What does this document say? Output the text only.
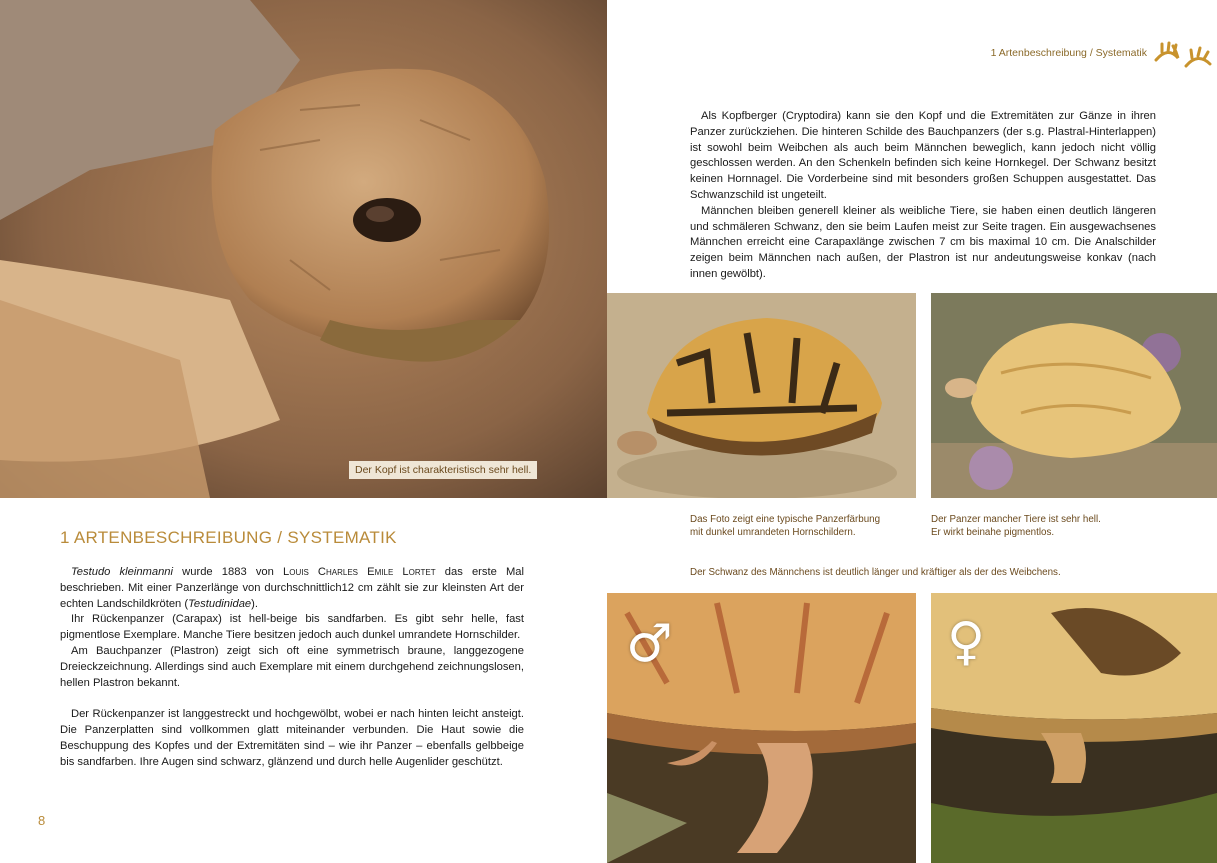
Der Kopf ist charakteristisch sehr hell.
1 ARTENBESCHREIBUNG / SYSTEMATIK

Testudo kleinmanni wurde 1883 von Louis Charles Emile Lortet das erste Mal beschrieben. Mit einer Panzerlänge von durchschnittlich12 cm zählt sie zur kleinsten Art der echten Landschildkröten (Testudinidae).

Ihr Rückenpanzer (Carapax) ist hell-beige bis sandfarben. Es gibt sehr helle, fast pigmentlose Exemplare. Manche Tiere besitzen jedoch auch dunkel umrandete Hornschilder.

Am Bauchpanzer (Plastron) zeigt sich oft eine symmetrisch braune, langgezogene Dreieckzeichnung. Allerdings sind auch Exemplare mit einem durchgehend zeichnungslosen, hellen Plastron bekannt.

Der Rückenpanzer ist langgestreckt und hochgewölbt, wobei er nach hinten leicht ansteigt. Die Panzerplatten sind vollkommen glatt miteinander verbunden. Die Haut sowie die Beschuppung des Kopfes und der Extremitäten sind – wie ihr Panzer – ebenfalls gelbbeige bis sandfarben. Ihre Augen sind schwarz, glänzend und durch helle Augenlider geschützt.

8
1 Artenbeschreibung / Systematik

Als Kopfberger (Cryptodira) kann sie den Kopf und die Extremitäten zur Gänze in ihren Panzer zurückziehen. Die hinteren Schilde des Bauchpanzers (der s.g. Plastral-Hinterlappen) ist sowohl beim Weibchen als auch beim Männchen beweglich, kann jedoch nicht völlig geschlossen werden. An den Schenkeln befinden sich keine Hornkegel. Der Schwanz besitzt keinen Hornnagel. Die Vorderbeine sind mit besonders großen Schuppen ausgestattet. Das Schwanzschild ist ungeteilt.

Männchen bleiben generell kleiner als weibliche Tiere, sie haben einen deutlich längeren und schmäleren Schwanz, den sie beim Laufen meist zur Seite tragen. Ein ausgewachsenes Männchen erreicht eine Carapaxlänge zwischen 7 cm bis maximal 10 cm. Die Analschilder zeigen beim Männchen nach außen, der Plastron ist nur andeutungsweise konkav (nach innen gewölbt).

Das Foto zeigt eine typische Panzerfärbung
mit dunkel umrandeten Hornschildern.
Der Panzer mancher Tiere ist sehr hell.
Er wirkt beinahe pigmentlos.
Der Schwanz des Männchens ist deutlich länger und kräftiger als der des Weibchens.
♂	♀
